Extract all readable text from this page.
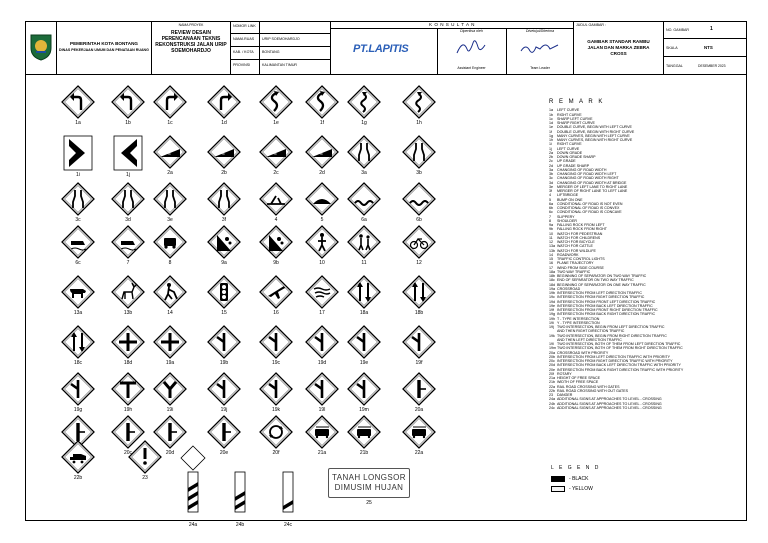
PEMERINTAH KOTA BONTANG
DINAS PEKERJAAN UMUM DAN PENATAAN RUANG
NAMA PROYEK
REVIEW DESAIN PERENCANAAN TEKNIS REKONSTRUKSI JALAN URIP SOEMOHARDJO
NOMOR LINK
NAMA RUAS URIP SOEMOHARDJO
KAB. / KOTA BONTANG
PROVINSI	KALIMANTAN TIMUR
K O N S U L T A N
PT.LAPITIS
Diperiksa oleh
Assistant Engineer
Disetujui/Diterima
Team Leader
JUDUL GAMBAR :
GAMBAR STANDAR RAMBU JALAN DAN MARKA ZEBRA CROSS
NO. GAMBAR	1
SKALA	NTS
TANGGAL	DESEMBER 2023
1a	1b	1c	1d	1e	1f	1g	1h
1i	1j
%
2a
%
2b
%
2c
%
2d	3a	3b
3c	3d	3e	3f	4	5	6a	6b
6c	7	8	9a	9b	10	11	12
13a	13b	14	15	16	17	18a	18b
18c	18d	19a	19b	19c	19d	19e	19f
19g	19h	19i	19j	19k	19l	19m	20a
20c	20d	20e	20f	21a	21b	22a
22b	23
24a	24b	24c
TANAH LONGSOR
DIMUSIM HUJAN
25
R E M A R K
1a	LEFT CURVE
1b	RIGHT CURVE
1c	SHARP LEFT CURVE
1d	SHARP RIGHT CURVE
1e	DOUBLE CURVE, BEGIN WITH LEFT CURVE
1f	DOUBLE CURVE, BEGIN WITH RIGHT CURVE
1g	MANY CURVES, BEGIN WITH LEFT CURVE
1h	MANY CURVES, BEGIN WITH RIGHT CURVE
1i	RIGHT CURVE
1j	LEFT CURVE
2a	DOWN GRADE
2b	DOWN GRADE SHARP
2c	UP GRADE
2d	UP GRADE SHARP
3a	CHANGING OF ROAD WIDTH
3b	CHANGING OF ROAD WIDTH LEFT
3c	CHANGING OF ROAD WIDTH RIGHT
3d	CHANGING OF ROAD WIDTH AT BRIDGE
3e	MERGER OF LEFT LANE TO RIGHT LANE
3f	MERGER OF RIGHT LANE TO LEFT LANE
4	LIFTBRIDGE
5	BUMP ON ONE
6a	CONDITIONAL OF ROAD IS NOT EVEN
6b	CONDITIONAL OF ROAD IS CONVEX
6c	CONDITIONAL OF ROAD IS CONCAVE
7	SLIPPERY
8	SHOULDER
9a	FALLING ROCK FROM LEFT
9b	FALLING ROCK FROM RIGHT
10	WATCH FOR PEDESTRIAN
11	WATCH FOR CHILDRENS
12	WATCH FOR BICYCLE
13a WATCH FOR CATTLE
13b WATCH FOR WILDLIFE
14	ROADWORK
15	TRAFFIC CONTROL LIGHTS
16	PLANE TRAJECTORY
17	WIND FROM SIDE COURSE
18a TWO WAY TRAFFIC
18b BEGINNING OF SEPARATOR ON TWO WAY TRAFFIC
18c END OF SEPARATOR ON TWO WAY TRAFFIC
18d BEGINNING OF SEPARATOR ON ONE WAY TRAFFIC
19a CROSSROAD
19b INTERSECTION FROM LEFT DIRECTION TRAFFIC
19c INTERSECTION FROM RIGHT DIRECTION TRAFFIC
19d INTERSECTION FROM FRONT LEFT DIRECTION TRAFFIC
19e INTERSECTION FROM BACK LEFT DIRECTION TRAFFIC
19f INTERSECTION FROM FRONT RIGHT DIRECTION TRAFFIC
19g INTERSECTION FROM BACK RIGHT DIRECTION TRAFFIC
19h T - TYPE INTERSECTION
19i Y - TYPE INTERSECTION
19j TWO INTERSECTION, BEGIN FROM LEFT DIRECTION TRAFFIC
AND THEN RIGHT DIRECTION TRAFFIC
19k TWO INTERSECTION, BEGIN FROM RIGHT DIRECTION TRAFFIC
AND THEN LEFT DIRECTION TRAFFIC
19l TWO INTERSECTION, BOTH OF THEM FROM LEFT DIRECTION TRAFFIC
19m TWO INTERSECTION, BOTH OF THEM FROM RIGHT DIRECTION TRAFFIC
20a CROSSROAD WITH PRIORITY
20b INTERSECTION FROM LEFT DIRECTION TRAFFIC WITH PRIORITY
20c INTERSECTION FROM RIGHT DIRECTION TRAFFIC WITH PRIORITY
20d INTERSECTION FROM BACK LEFT DIRECTION TRAFFIC WITH PRIORITY
20e INTERSECTION FROM BACK RIGHT DIRECTION TRAFFIC WITH PRIORITY
20f ROTARY
21a HEIGHT OF FREE SPACE
21b WIDTH OF FREE SPACE
22a RAIL ROAD CROSSING WITH GATES
22b RAIL ROAD CROSSING WITH OUT GATES
23	DANGER
24a ADDITIONAL SIGNS AT APPROACHES TO LEVEL - CROSSING
24b ADDITIONAL SIGNS AT APPROACHES TO LEVEL - CROSSING
24c ADDITIONAL SIGNS AT APPROACHES TO LEVEL - CROSSING
L E G E N D
- BLACK
- YELLOW
